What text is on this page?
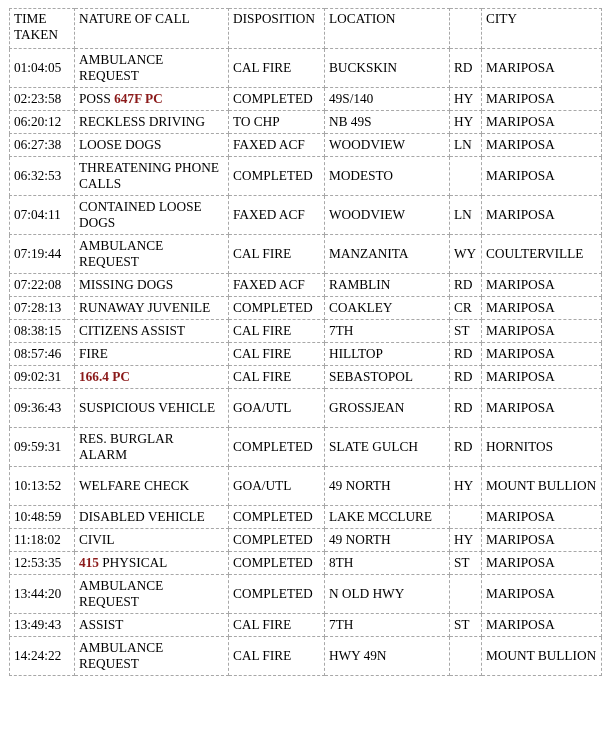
TIME TAKEN	NATURE OF CALL	DISPOSITION	LOCATION		CITY
01:04:05	AMBULANCE REQUEST	CAL FIRE	BUCKSKIN	RD	MARIPOSA
02:23:58	POSS 647F PC	COMPLETED	49S/140	HY	MARIPOSA
06:20:12	RECKLESS DRIVING	TO CHP	NB 49S	HY	MARIPOSA
06:27:38	LOOSE DOGS	FAXED ACF	WOODVIEW	LN	MARIPOSA
06:32:53	THREATENING PHONE CALLS	COMPLETED	MODESTO		MARIPOSA
07:04:11	CONTAINED LOOSE DOGS	FAXED ACF	WOODVIEW	LN	MARIPOSA
07:19:44	AMBULANCE REQUEST	CAL FIRE	MANZANITA	WY	COULTERVILLE
07:22:08	MISSING DOGS	FAXED ACF	RAMBLIN	RD	MARIPOSA
07:28:13	RUNAWAY JUVENILE	COMPLETED	COAKLEY	CR	MARIPOSA
08:38:15	CITIZENS ASSIST	CAL FIRE	7TH	ST	MARIPOSA
08:57:46	FIRE	CAL FIRE	HILLTOP	RD	MARIPOSA
09:02:31	166.4 PC	CAL FIRE	SEBASTOPOL	RD	MARIPOSA
09:36:43	SUSPICIOUS VEHICLE	GOA/UTL	GROSSJEAN	RD	MARIPOSA
09:59:31	RES. BURGLAR ALARM	COMPLETED	SLATE GULCH	RD	HORNITOS
10:13:52	WELFARE CHECK	GOA/UTL	49 NORTH	HY	MOUNT BULLION
10:48:59	DISABLED VEHICLE	COMPLETED	LAKE MCCLURE		MARIPOSA
11:18:02	CIVIL	COMPLETED	49 NORTH	HY	MARIPOSA
12:53:35	415 PHYSICAL	COMPLETED	8TH	ST	MARIPOSA
13:44:20	AMBULANCE REQUEST	COMPLETED	N OLD HWY		MARIPOSA
13:49:43	ASSIST	CAL FIRE	7TH	ST	MARIPOSA
14:24:22	AMBULANCE REQUEST	CAL FIRE	HWY 49N		MOUNT BULLION
